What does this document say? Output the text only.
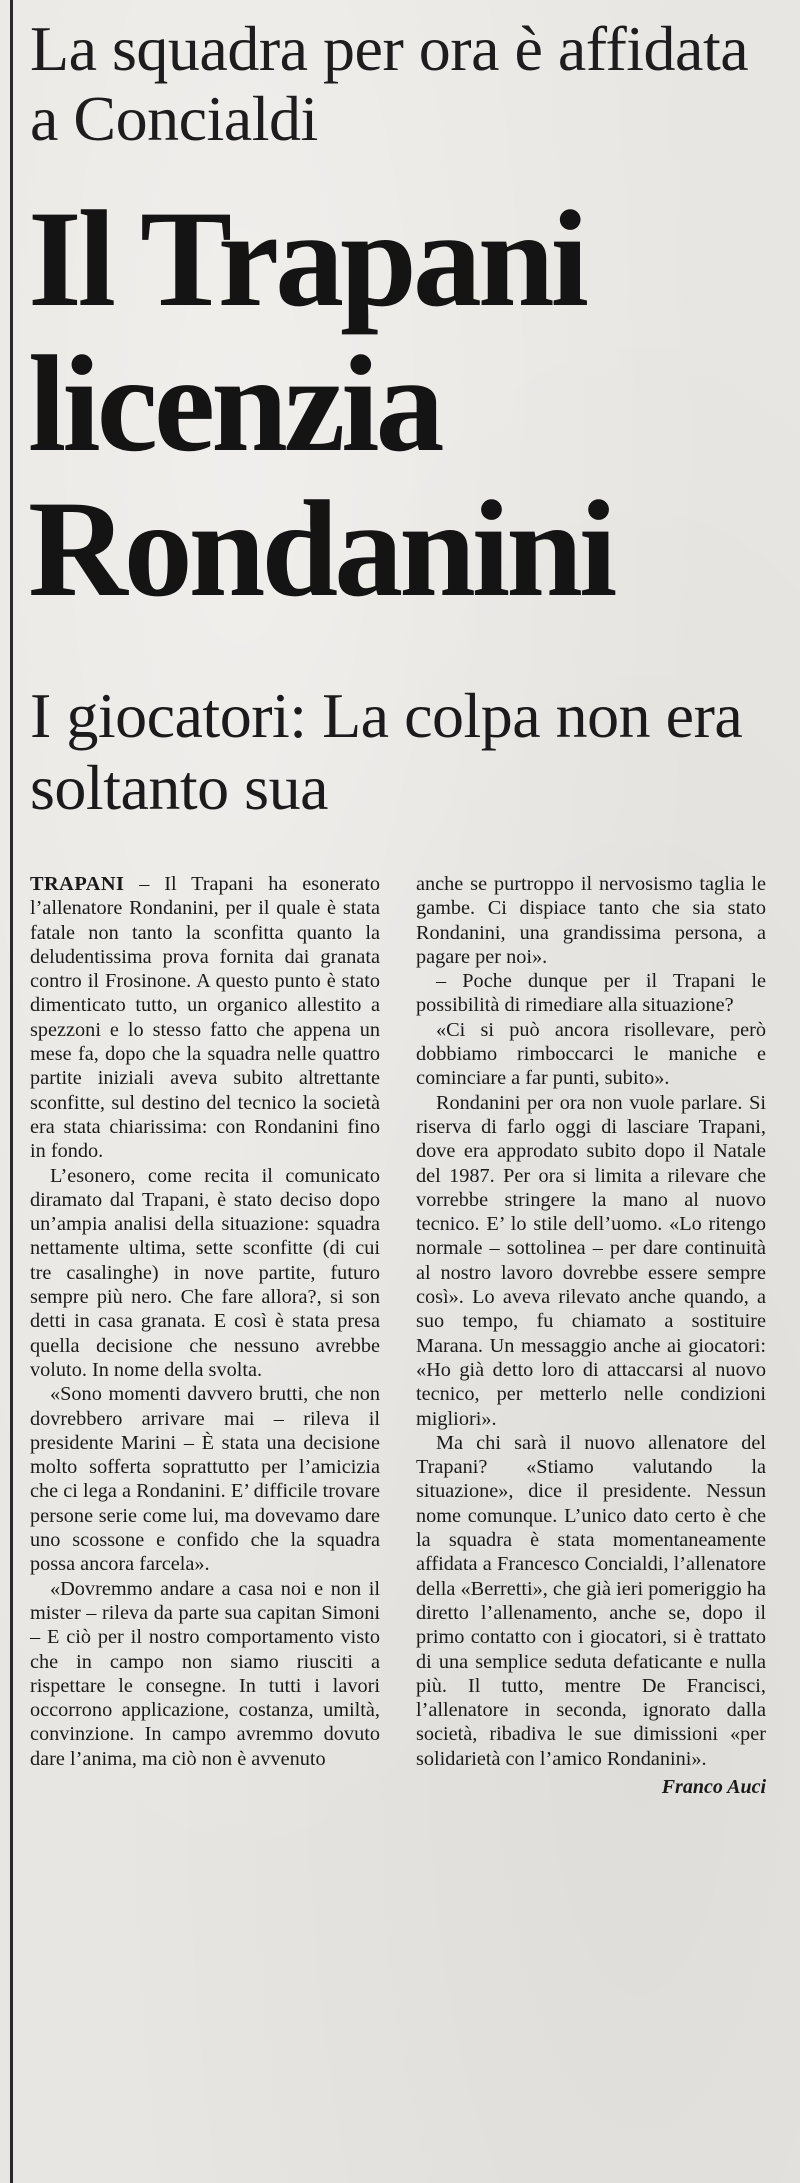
La squadra per ora è affidata a Concialdi
Il Trapani licenzia Rondanini
I giocatori: La colpa non era soltanto sua

TRAPANI – Il Trapani ha esonerato l’allenatore Rondanini, per il quale è stata fatale non tanto la sconfitta quanto la deludentissima prova fornita dai granata contro il Frosinone. A questo punto è stato dimenticato tutto, un organico allestito a spezzoni e lo stesso fatto che appena un mese fa, dopo che la squadra nelle quattro partite iniziali aveva subito altrettante sconfitte, sul destino del tecnico la società era stata chiarissima: con Rondanini fino in fondo.

L’esonero, come recita il comunicato diramato dal Trapani, è stato deciso dopo un’ampia analisi della situazione: squadra nettamente ultima, sette sconfitte (di cui tre casalinghe) in nove partite, futuro sempre più nero. Che fare allora?, si son detti in casa granata. E così è stata presa quella decisione che nessuno avrebbe voluto. In nome della svolta.

«Sono momenti davvero brutti, che non dovrebbero arrivare mai – rileva il presidente Marini – È stata una decisione molto sofferta soprattutto per l’amicizia che ci lega a Rondanini. E’ difficile trovare persone serie come lui, ma dovevamo dare uno scossone e confido che la squadra possa ancora farcela».

«Dovremmo andare a casa noi e non il mister – rileva da parte sua capitan Simoni – E ciò per il nostro comportamento visto che in campo non siamo riusciti a rispettare le consegne. In tutti i lavori occorrono applicazione, costanza, umiltà, convinzione. In campo avremmo dovuto dare l’anima, ma ciò non è avvenuto

anche se purtroppo il nervosismo taglia le gambe. Ci dispiace tanto che sia stato Rondanini, una grandissima persona, a pagare per noi».

– Poche dunque per il Trapani le possibilità di rimediare alla situazione?

«Ci si può ancora risollevare, però dobbiamo rimboccarci le maniche e cominciare a far punti, subito».

Rondanini per ora non vuole parlare. Si riserva di farlo oggi di lasciare Trapani, dove era approdato subito dopo il Natale del 1987. Per ora si limita a rilevare che vorrebbe stringere la mano al nuovo tecnico. E’ lo stile dell’uomo. «Lo ritengo normale – sottolinea – per dare continuità al nostro lavoro dovrebbe essere sempre così». Lo aveva rilevato anche quando, a suo tempo, fu chiamato a sostituire Marana. Un messaggio anche ai giocatori: «Ho già detto loro di attaccarsi al nuovo tecnico, per metterlo nelle condizioni migliori».

Ma chi sarà il nuovo allenatore del Trapani? «Stiamo valutando la situazione», dice il presidente. Nessun nome comunque. L’unico dato certo è che la squadra è stata momentaneamente affidata a Francesco Concialdi, l’allenatore della «Berretti», che già ieri pomeriggio ha diretto l’allenamento, anche se, dopo il primo contatto con i giocatori, si è trattato di una semplice seduta defaticante e nulla più. Il tutto, mentre De Francisci, l’allenatore in seconda, ignorato dalla società, ribadiva le sue dimissioni «per solidarietà con l’amico Rondanini».

Franco Auci
